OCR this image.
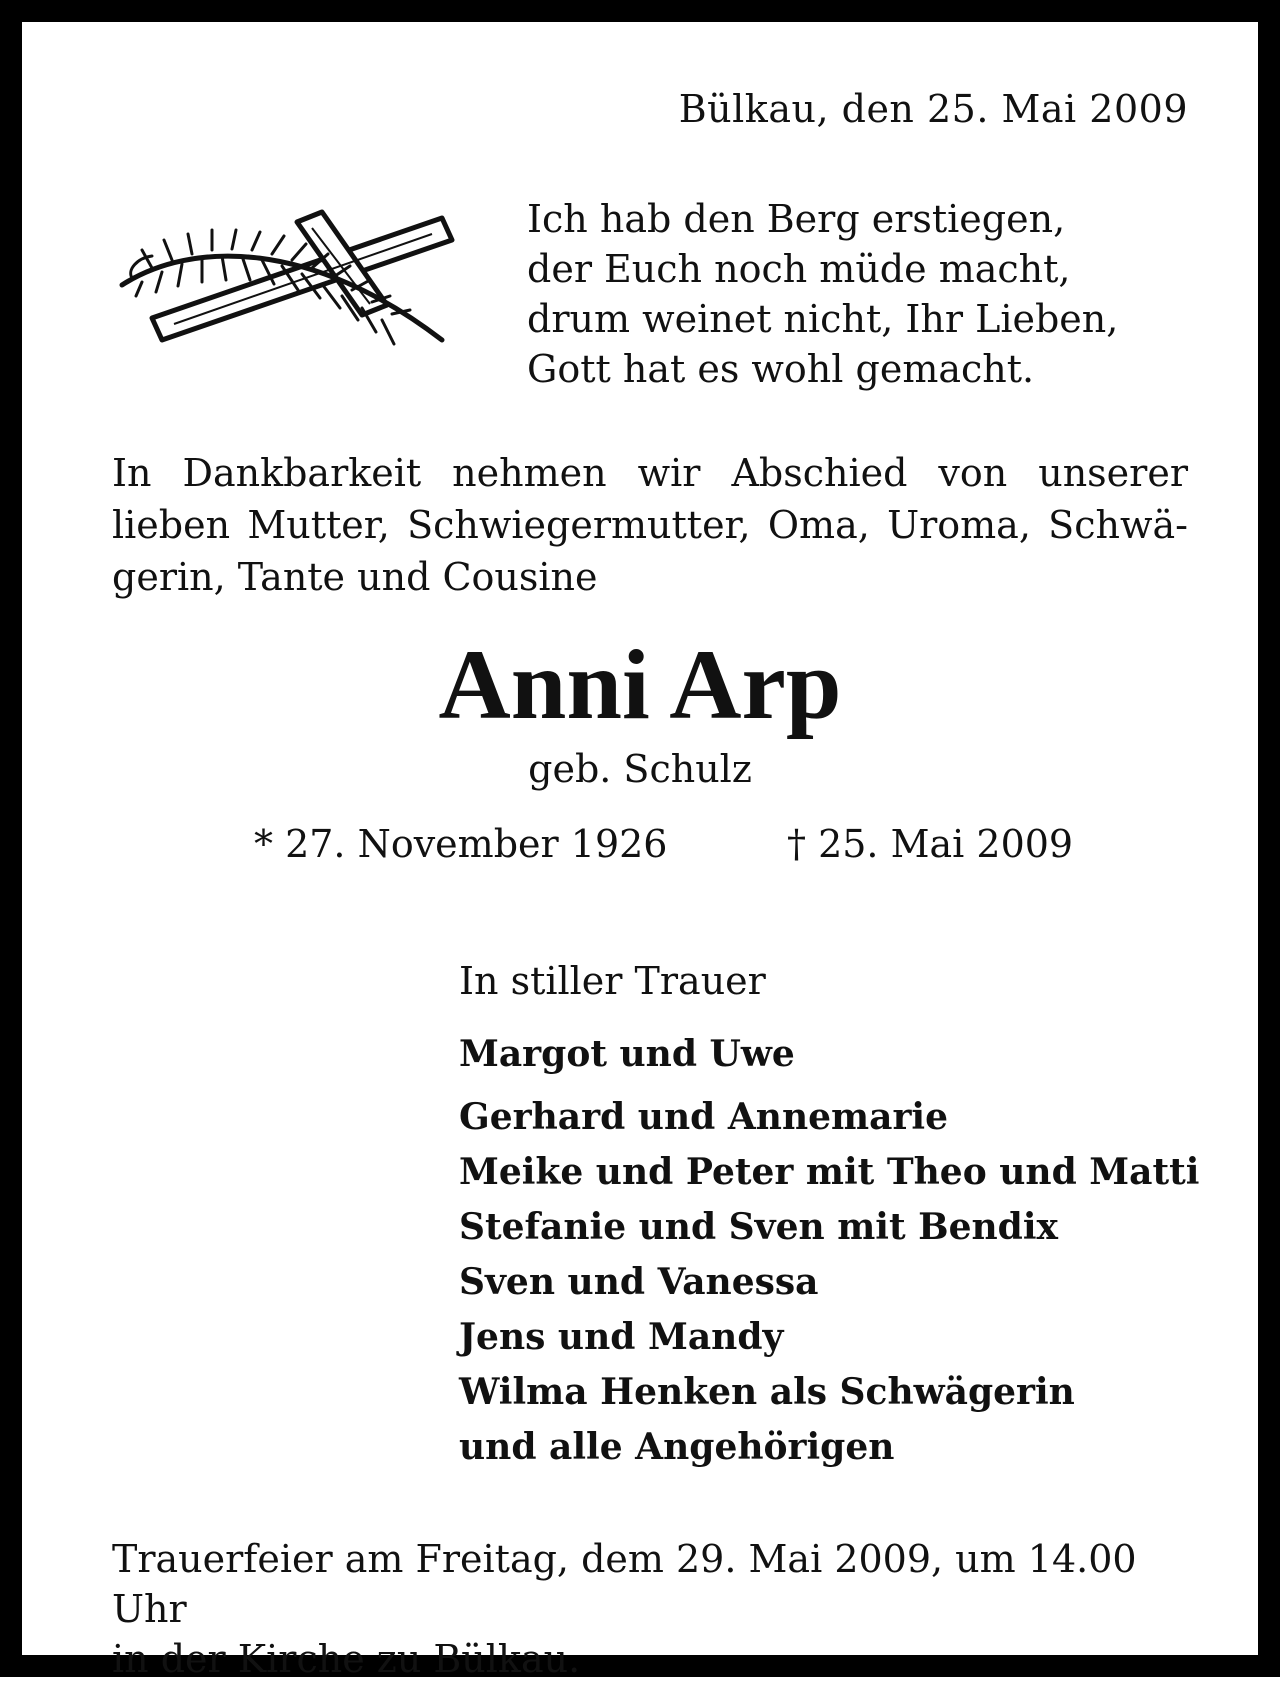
Bülkau, den 25. Mai 2009
Ich hab den Berg erstiegen,
der Euch noch müde macht,
drum weinet nicht, Ihr Lieben,
Gott hat es wohl gemacht.
In Dankbarkeit nehmen wir Abschied von unserer lieben Mutter, Schwiegermutter, Oma, Uroma, Schwägerin, Tante und Cousine
Anni Arp
geb. Schulz
* 27. November 1926	† 25. Mai 2009
In stiller Trauer
Margot und Uwe
Gerhard und Annemarie
Meike und Peter mit Theo und Matti
Stefanie und Sven mit Bendix
Sven und Vanessa
Jens und Mandy
Wilma Henken als Schwägerin
und alle Angehörigen
Trauerfeier am Freitag, dem 29. Mai 2009, um 14.00 Uhr
in der Kirche zu Bülkau.
